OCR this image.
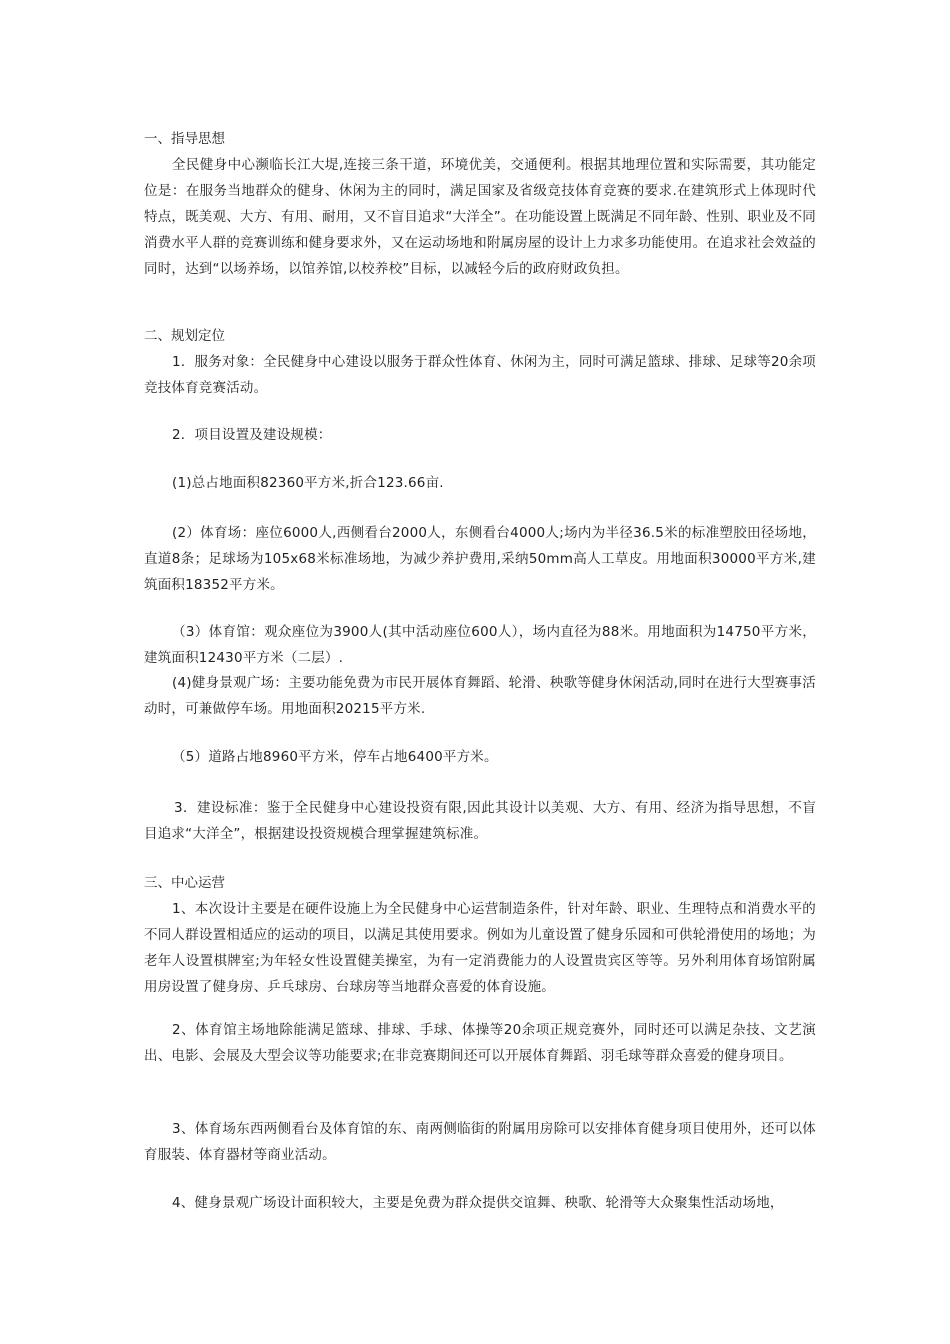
一、指导思想
全民健身中心濒临长江大堤,连接三条干道，环境优美，交通便利。根据其地理位置和实际需要，其功能定位是：在服务当地群众的健身、休闲为主的同时，满足国家及省级竞技体育竞赛的要求.在建筑形式上体现时代特点，既美观、大方、有用、耐用，又不盲目追求“大洋全”。在功能设置上既满足不同年龄、性别、职业及不同消费水平人群的竞赛训练和健身要求外，又在运动场地和附属房屋的设计上力求多功能使用。在追求社会效益的同时，达到“以场养场，以馆养馆,以校养校”目标，以减轻今后的政府财政负担。
二、规划定位
1．服务对象：全民健身中心建设以服务于群众性体育、休闲为主，同时可满足篮球、排球、足球等20余项竞技体育竞赛活动。
2．项目设置及建设规模：
(1)总占地面积82360平方米,折合123.66亩.
(2）体育场：座位6000人,西侧看台2000人，东侧看台4000人;场内为半径36.5米的标准塑胶田径场地，直道8条；足球场为105x68米标准场地，为减少养护费用,采纳50mm高人工草皮。用地面积30000平方米,建筑面积18352平方米。
（3）体育馆：观众座位为3900人(其中活动座位600人），场内直径为88米。用地面积为14750平方米，建筑面积12430平方米（二层）.
(4)健身景观广场：主要功能免费为市民开展体育舞蹈、轮滑、秧歌等健身休闲活动,同时在进行大型赛事活动时，可兼做停车场。用地面积20215平方米.
（5）道路占地8960平方米，停车占地6400平方米。
3．建设标准：鉴于全民健身中心建设投资有限,因此其设计以美观、大方、有用、经济为指导思想，不盲目追求“大洋全”，根据建设投资规模合理掌握建筑标准。
三、中心运营
1、本次设计主要是在硬件设施上为全民健身中心运营制造条件，针对年龄、职业、生理特点和消费水平的不同人群设置相适应的运动的项目，以满足其使用要求。例如为儿童设置了健身乐园和可供轮滑使用的场地；为老年人设置棋牌室;为年轻女性设置健美操室，为有一定消费能力的人设置贵宾区等等。另外利用体育场馆附属用房设置了健身房、乒乓球房、台球房等当地群众喜爱的体育设施。
2、体育馆主场地除能满足篮球、排球、手球、体操等20余项正规竞赛外，同时还可以满足杂技、文艺演出、电影、会展及大型会议等功能要求;在非竞赛期间还可以开展体育舞蹈、羽毛球等群众喜爱的健身项目。
3、体育场东西两侧看台及体育馆的东、南两侧临街的附属用房除可以安排体育健身项目使用外，还可以体育服装、体育器材等商业活动。
4、健身景观广场设计面积较大，主要是免费为群众提供交谊舞、秧歌、轮滑等大众聚集性活动场地，
